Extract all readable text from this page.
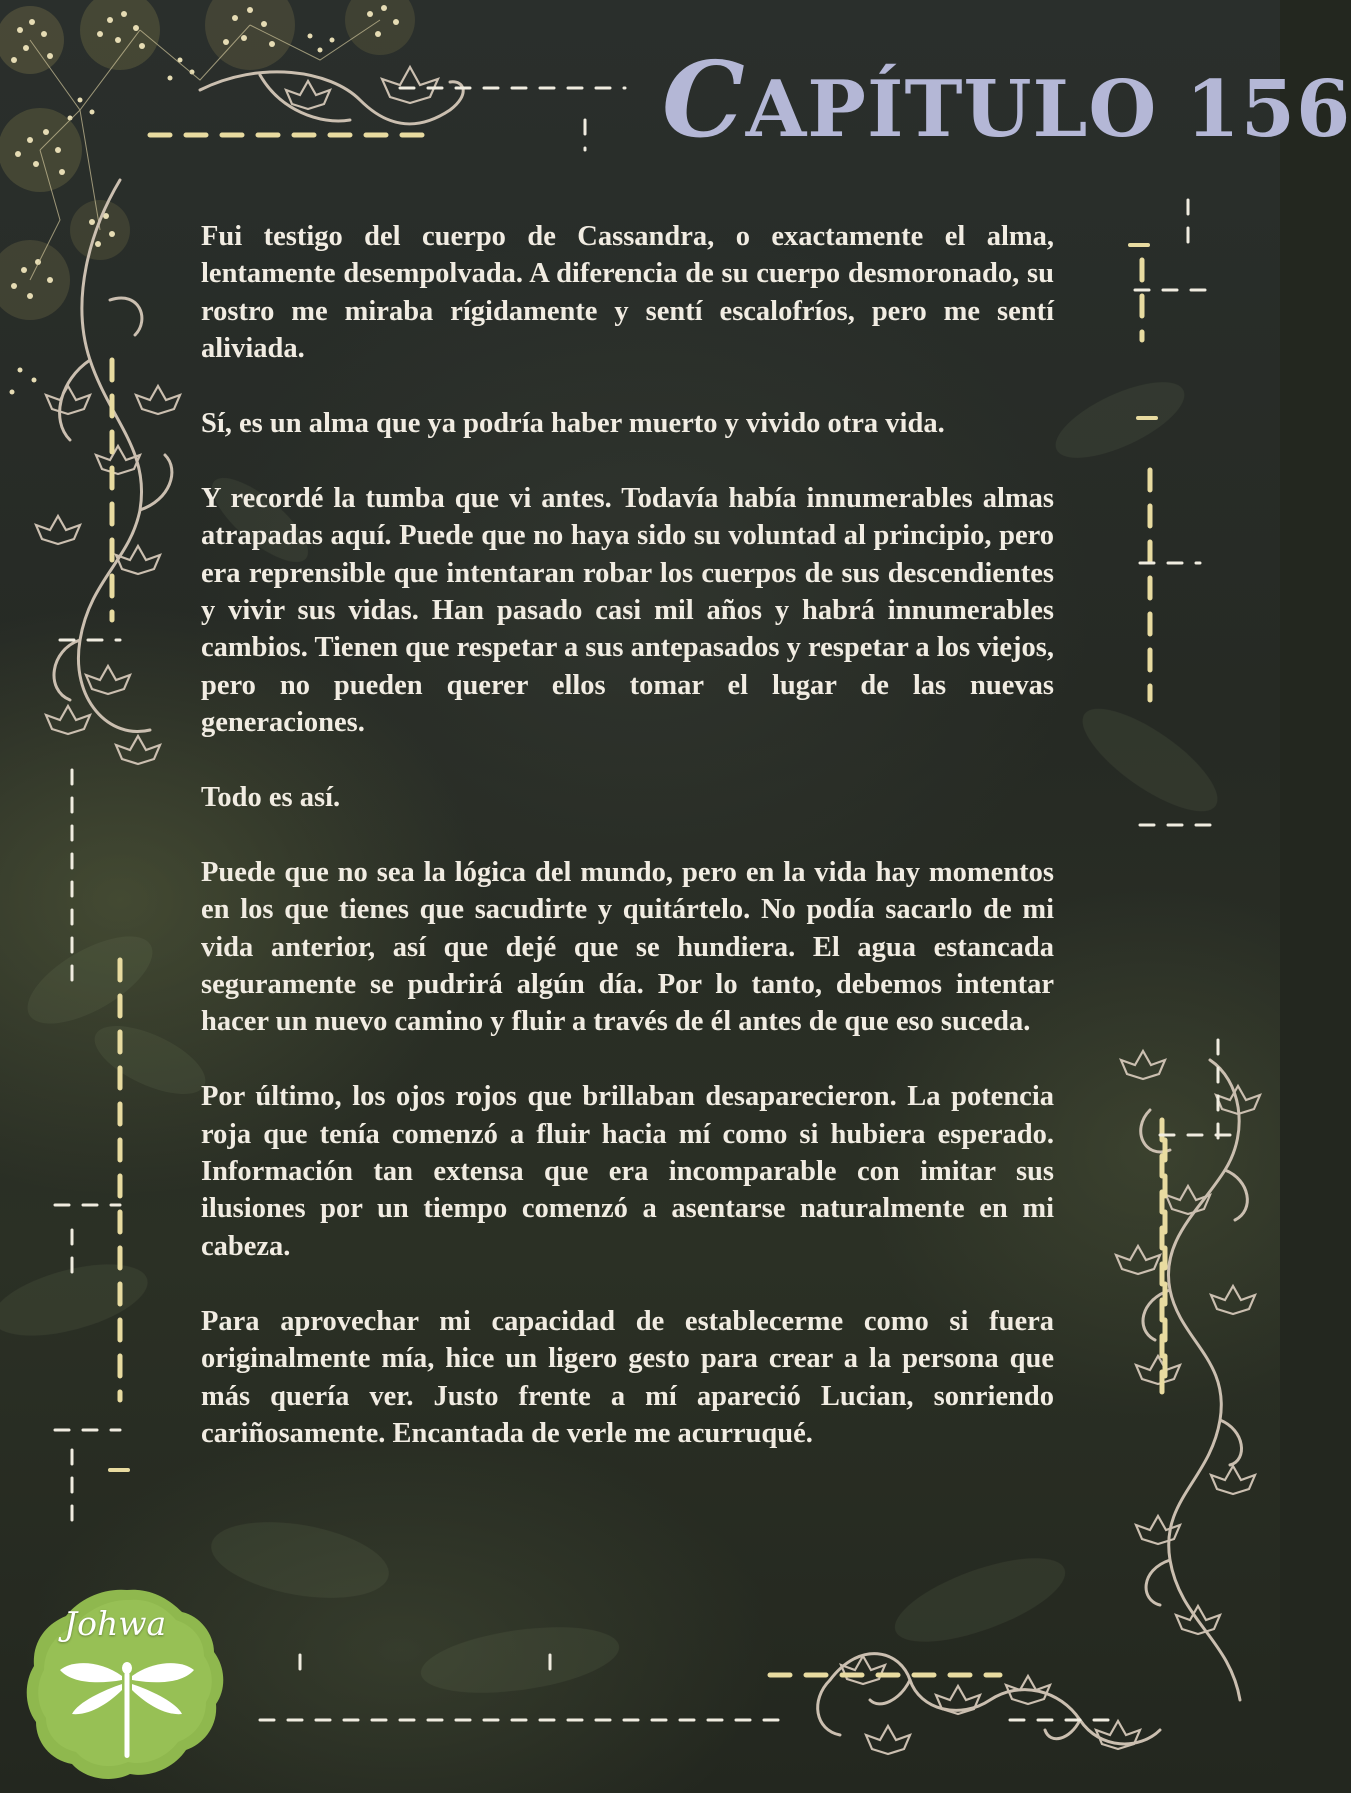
CAPÍTULO 156

Fui testigo del cuerpo de Cassandra, o exactamente el alma, lentamente desempolvada. A diferencia de su cuerpo desmoronado, su rostro me miraba rígidamente y sentí escalofríos, pero me sentí aliviada.

Sí, es un alma que ya podría haber muerto y vivido otra vida.

Y recordé la tumba que vi antes. Todavía había innumerables almas atrapadas aquí. Puede que no haya sido su voluntad al principio, pero era reprensible que intentaran robar los cuerpos de sus descendientes y vivir sus vidas. Han pasado casi mil años y habrá innumerables cambios. Tienen que respetar a sus antepasados y respetar a los viejos, pero no pueden querer ellos tomar el lugar de las nuevas generaciones.

Todo es así.

Puede que no sea la lógica del mundo, pero en la vida hay momentos en los que tienes que sacudirte y quitártelo. No podía sacarlo de mi vida anterior, así que dejé que se hundiera. El agua estancada seguramente se pudrirá algún día. Por lo tanto, debemos intentar hacer un nuevo camino y fluir a través de él antes de que eso suceda.

Por último, los ojos rojos que brillaban desaparecieron. La potencia roja que tenía comenzó a fluir hacia mí como si hubiera esperado. Información tan extensa que era incomparable con imitar sus ilusiones por un tiempo comenzó a asentarse naturalmente en mi cabeza.

Para aprovechar mi capacidad de establecerme como si fuera originalmente mía, hice un ligero gesto para crear a la persona que más quería ver. Justo frente a mí apareció Lucian, sonriendo cariñosamente. Encantada de verle me acurruqué.

Johwa
